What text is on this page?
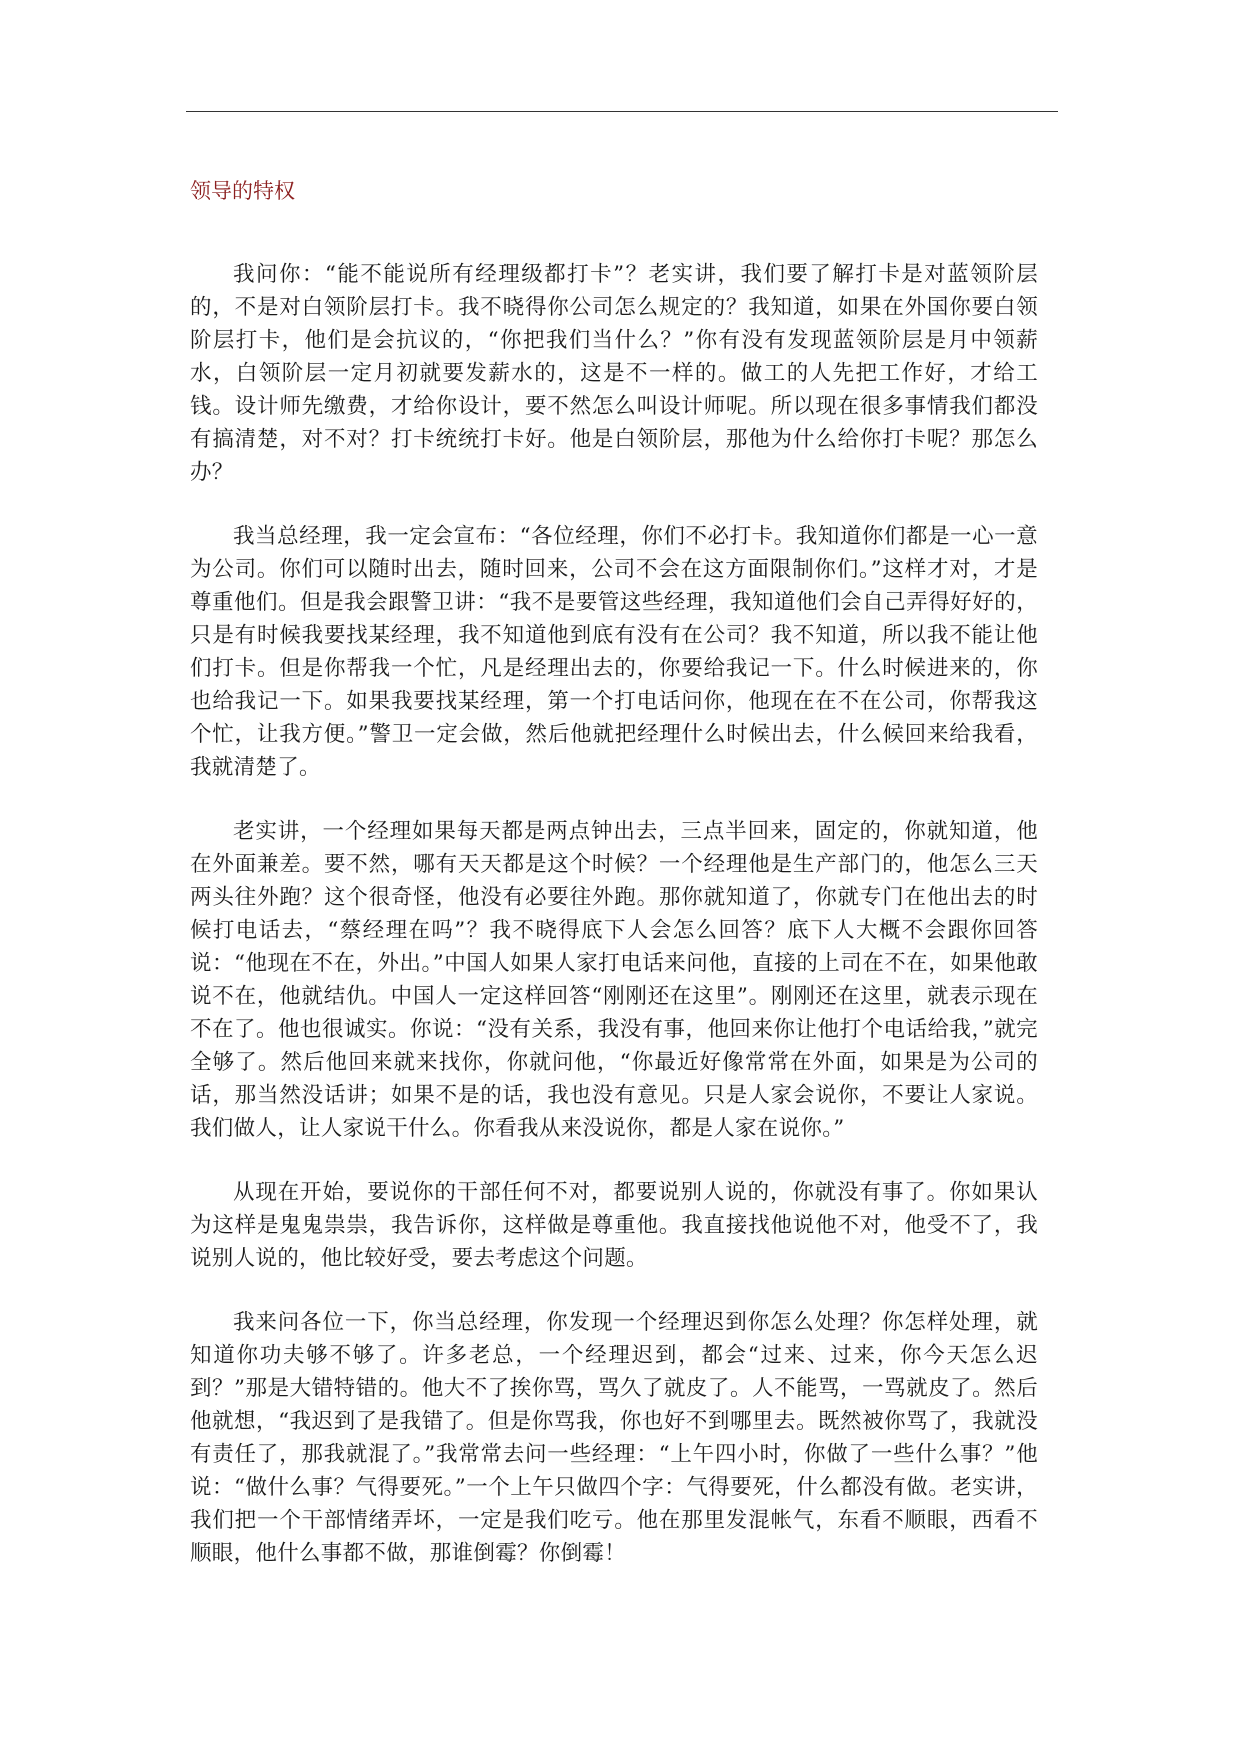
领导的特权

我问你：“能不能说所有经理级都打卡”？老实讲，我们要了解打卡是对蓝领阶层的，不是对白领阶层打卡。我不晓得你公司怎么规定的？我知道，如果在外国你要白领阶层打卡，他们是会抗议的，“你把我们当什么？”你有没有发现蓝领阶层是月中领薪水，白领阶层一定月初就要发薪水的，这是不一样的。做工的人先把工作好，才给工钱。设计师先缴费，才给你设计，要不然怎么叫设计师呢。所以现在很多事情我们都没有搞清楚，对不对？打卡统统打卡好。他是白领阶层，那他为什么给你打卡呢？那怎么办？

我当总经理，我一定会宣布：“各位经理，你们不必打卡。我知道你们都是一心一意为公司。你们可以随时出去，随时回来，公司不会在这方面限制你们。”这样才对，才是尊重他们。但是我会跟警卫讲：“我不是要管这些经理，我知道他们会自己弄得好好的，只是有时候我要找某经理，我不知道他到底有没有在公司？我不知道，所以我不能让他们打卡。但是你帮我一个忙，凡是经理出去的，你要给我记一下。什么时候进来的，你也给我记一下。如果我要找某经理，第一个打电话问你，他现在在不在公司，你帮我这个忙，让我方便。”警卫一定会做，然后他就把经理什么时候出去，什么候回来给我看，我就清楚了。

老实讲，一个经理如果每天都是两点钟出去，三点半回来，固定的，你就知道，他在外面兼差。要不然，哪有天天都是这个时候？一个经理他是生产部门的，他怎么三天两头往外跑？这个很奇怪，他没有必要往外跑。那你就知道了，你就专门在他出去的时候打电话去，“蔡经理在吗”？我不晓得底下人会怎么回答？底下人大概不会跟你回答说：“他现在不在，外出。”中国人如果人家打电话来问他，直接的上司在不在，如果他敢说不在，他就结仇。中国人一定这样回答“刚刚还在这里”。刚刚还在这里，就表示现在不在了。他也很诚实。你说：“没有关系，我没有事，他回来你让他打个电话给我，”就完全够了。然后他回来就来找你，你就问他，“你最近好像常常在外面，如果是为公司的话，那当然没话讲；如果不是的话，我也没有意见。只是人家会说你，不要让人家说。我们做人，让人家说干什么。你看我从来没说你，都是人家在说你。”

从现在开始，要说你的干部任何不对，都要说别人说的，你就没有事了。你如果认为这样是鬼鬼祟祟，我告诉你，这样做是尊重他。我直接找他说他不对，他受不了，我说别人说的，他比较好受，要去考虑这个问题。

我来问各位一下，你当总经理，你发现一个经理迟到你怎么处理？你怎样处理，就知道你功夫够不够了。许多老总，一个经理迟到，都会“过来、过来，你今天怎么迟到？”那是大错特错的。他大不了挨你骂，骂久了就皮了。人不能骂，一骂就皮了。然后他就想，“我迟到了是我错了。但是你骂我，你也好不到哪里去。既然被你骂了，我就没有责任了，那我就混了。”我常常去问一些经理：“上午四小时，你做了一些什么事？”他说：“做什么事？气得要死。”一个上午只做四个字：气得要死，什么都没有做。老实讲，我们把一个干部情绪弄坏，一定是我们吃亏。他在那里发混帐气，东看不顺眼，西看不顺眼，他什么事都不做，那谁倒霉？你倒霉！
